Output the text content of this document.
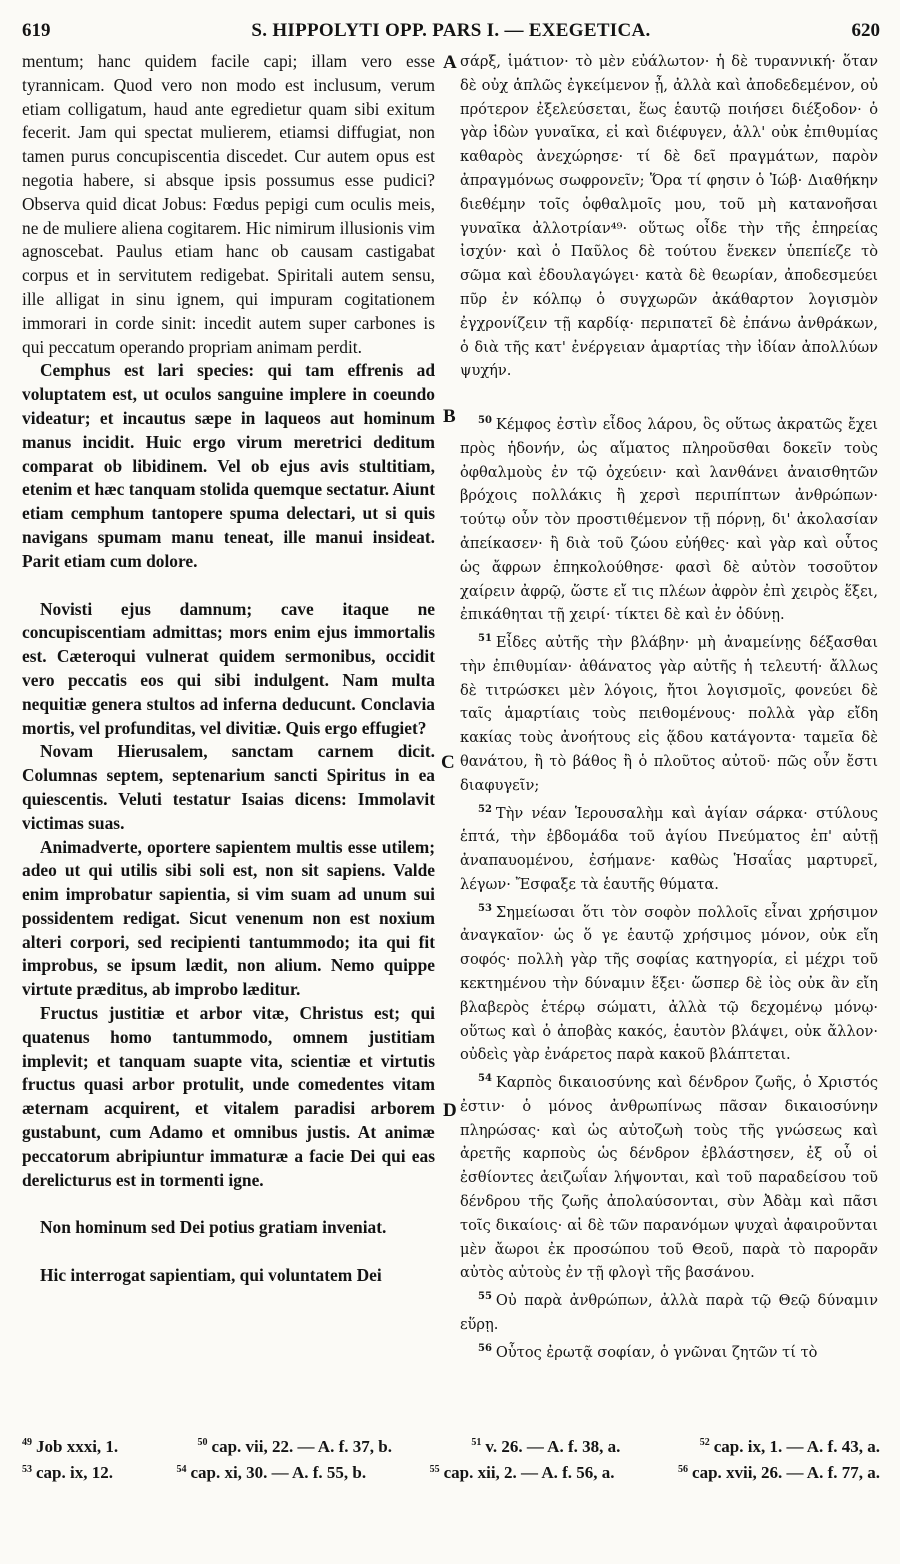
619	S. HIPPOLYTI OPP. PARS I. — EXEGETICA.	620
A
B
C
D

mentum; hanc quidem facile capi; illam vero esse tyrannicam. Quod vero non modo est inclusum, verum etiam colligatum, haud ante egredietur quam sibi exitum fecerit. Jam qui spectat mulierem, etiamsi diffugiat, non tamen purus concupiscentia discedet. Cur autem opus est negotia habere, si absque ipsis possumus esse pudici? Observa quid dicat Jobus: Fœdus pepigi cum oculis meis, ne de muliere aliena cogitarem. Hic nimirum illusionis vim agnoscebat. Paulus etiam hanc ob causam castigabat corpus et in servitutem redigebat. Spiritali autem sensu, ille alligat in sinu ignem, qui impuram cogitationem immorari in corde sinit: incedit autem super carbones is qui peccatum operando propriam animam perdit.

Cemphus est lari species: qui tam effrenis ad voluptatem est, ut oculos sanguine implere in coeundo videatur; et incautus sæpe in laqueos aut hominum manus incidit. Huic ergo virum meretrici deditum comparat ob libidinem. Vel ob ejus avis stultitiam, etenim et hæc tanquam stolida quemque sectatur. Aiunt etiam cemphum tantopere spuma delectari, ut si quis navigans spumam manu teneat, ille manui insideat. Parit etiam cum dolore.

Novisti ejus damnum; cave itaque ne concupiscentiam admittas; mors enim ejus immortalis est. Cæteroqui vulnerat quidem sermonibus, occidit vero peccatis eos qui sibi indulgent. Nam multa nequitiæ genera stultos ad inferna deducunt. Conclavia mortis, vel profunditas, vel divitiæ. Quis ergo effugiet?

Novam Hierusalem, sanctam carnem dicit. Columnas septem, septenarium sancti Spiritus in ea quiescentis. Veluti testatur Isaias dicens: Immolavit victimas suas.

Animadverte, oportere sapientem multis esse utilem; adeo ut qui utilis sibi soli est, non sit sapiens. Valde enim improbatur sapientia, si vim suam ad unum sui possidentem redigat. Sicut venenum non est noxium alteri corpori, sed recipienti tantummodo; ita qui fit improbus, se ipsum lædit, non alium. Nemo quippe virtute præditus, ab improbo læditur.

Fructus justitiæ et arbor vitæ, Christus est; qui quatenus homo tantummodo, omnem justitiam implevit; et tanquam suapte vita, scientiæ et virtutis fructus quasi arbor protulit, unde comedentes vitam æternam acquirent, et vitalem paradisi arborem gustabunt, cum Adamo et omnibus justis. At animæ peccatorum abripiuntur immaturæ a facie Dei qui eas derelicturus est in tormenti igne.

Non hominum sed Dei potius gratiam inveniat.

Hic interrogat sapientiam, qui voluntatem Dei

σάρξ, ἱμάτιον· τὸ μὲν εὐάλωτον· ἡ δὲ τυραννική· ὅταν δὲ οὐχ ἁπλῶς ἐγκείμενον ᾖ, ἀλλὰ καὶ ἀποδεδεμένον, οὐ πρότερον ἐξελεύσεται, ἕως ἑαυτῷ ποιήσει διέξοδον· ὁ γὰρ ἰδὼν γυναῖκα, εἰ καὶ διέφυγεν, ἀλλ' οὐκ ἐπιθυμίας καθαρὸς ἀνεχώρησε· τί δὲ δεῖ πραγμάτων, παρὸν ἀπραγμόνως σωφρονεῖν; Ὅρα τί φησιν ὁ Ἰώβ· Διαθήκην διεθέμην τοῖς ὀφθαλμοῖς μου, τοῦ μὴ κατανοῆσαι γυναῖκα ἀλλοτρίαν⁴⁹· οὕτως οἶδε τὴν τῆς ἐπηρείας ἰσχύν· καὶ ὁ Παῦλος δὲ τούτου ἕνεκεν ὑπεπίεζε τὸ σῶμα καὶ ἐδουλαγώγει· κατὰ δὲ θεωρίαν, ἀποδεσμεύει πῦρ ἐν κόλπῳ ὁ συγχωρῶν ἀκάθαρτον λογισμὸν ἐγχρονίζειν τῇ καρδίᾳ· περιπατεῖ δὲ ἐπάνω ἀνθράκων, ὁ διὰ τῆς κατ' ἐνέργειαν ἁμαρτίας τὴν ἰδίαν ἀπολλύων ψυχήν.

$^{50}$ Κέμφος ἐστὶν εἶδος λάρου, ὃς οὕτως ἀκρατῶς ἔχει πρὸς ἡδονήν, ὡς αἵματος πληροῦσθαι δοκεῖν τοὺς ὀφθαλμοὺς ἐν τῷ ὀχεύειν· καὶ λανθάνει ἀναισθητῶν βρόχοις πολλάκις ἢ χερσὶ περιπίπτων ἀνθρώπων· τούτῳ οὖν τὸν προστιθέμενον τῇ πόρνῃ, δι' ἀκολασίαν ἀπείκασεν· ἢ διὰ τοῦ ζώου εὐήθες· καὶ γὰρ καὶ οὗτος ὡς ἄφρων ἐπηκολούθησε· φασὶ δὲ αὐτὸν τοσοῦτον χαίρειν ἀφρῷ, ὥστε εἴ τις πλέων ἀφρὸν ἐπὶ χειρὸς ἕξει, ἐπικάθηται τῇ χειρί· τίκτει δὲ καὶ ἐν ὀδύνῃ.

$^{51}$ Εἶδες αὐτῆς τὴν βλάβην· μὴ ἀναμείνῃς δέξασθαι τὴν ἐπιθυμίαν· ἀθάνατος γὰρ αὐτῆς ἡ τελευτή· ἄλλως δὲ τιτρώσκει μὲν λόγοις, ἤτοι λογισμοῖς, φονεύει δὲ ταῖς ἁμαρτίαις τοὺς πειθομένους· πολλὰ γὰρ εἴδη κακίας τοὺς ἀνοήτους εἰς ᾅδου κατάγοντα· ταμεῖα δὲ θανάτου, ἢ τὸ βάθος ἢ ὁ πλοῦτος αὐτοῦ· πῶς οὖν ἔστι διαφυγεῖν;

$^{52}$ Τὴν νέαν Ἱερουσαλὴμ καὶ ἁγίαν σάρκα· στύλους ἑπτά, τὴν ἑβδομάδα τοῦ ἁγίου Πνεύματος ἐπ' αὐτῇ ἀναπαυομένου, ἐσήμανε· καθὼς Ἡσαΐας μαρτυρεῖ, λέγων· Ἔσφαξε τὰ ἑαυτῆς θύματα.

$^{53}$ Σημείωσαι ὅτι τὸν σοφὸν πολλοῖς εἶναι χρήσιμον ἀναγκαῖον· ὡς ὅ γε ἑαυτῷ χρήσιμος μόνον, οὐκ εἴη σοφός· πολλὴ γὰρ τῆς σοφίας κατηγορία, εἰ μέχρι τοῦ κεκτημένου τὴν δύναμιν ἕξει· ὥσπερ δὲ ἰὸς οὐκ ἂν εἴη βλαβερὸς ἑτέρῳ σώματι, ἀλλὰ τῷ δεχομένῳ μόνῳ· οὕτως καὶ ὁ ἀποβὰς κακός, ἑαυτὸν βλάψει, οὐκ ἄλλον· οὐδεὶς γὰρ ἐνάρετος παρὰ κακοῦ βλάπτεται.

$^{54}$ Καρπὸς δικαιοσύνης καὶ δένδρον ζωῆς, ὁ Χριστός ἐστιν· ὁ μόνος ἀνθρωπίνως πᾶσαν δικαιοσύνην πληρώσας· καὶ ὡς αὐτοζωὴ τοὺς τῆς γνώσεως καὶ ἀρετῆς καρποὺς ὡς δένδρον ἐβλάστησεν, ἐξ οὗ οἱ ἐσθίοντες ἀειζωΐαν λήψονται, καὶ τοῦ παραδείσου τοῦ δένδρου τῆς ζωῆς ἀπολαύσονται, σὺν Ἀδὰμ καὶ πᾶσι τοῖς δικαίοις· αἱ δὲ τῶν παρανόμων ψυχαὶ ἀφαιροῦνται μὲν ἄωροι ἐκ προσώπου τοῦ Θεοῦ, παρὰ τὸ παρορᾶν αὐτὸς αὐτοὺς ἐν τῇ φλογὶ τῆς βασάνου.

$^{55}$ Οὐ παρὰ ἀνθρώπων, ἀλλὰ παρὰ τῷ Θεῷ δύναμιν εὕρῃ.

$^{56}$ Οὗτος ἐρωτᾷ σοφίαν, ὁ γνῶναι ζητῶν τί τὸ

$^{49}$ Job xxxi, 1.	$^{50}$ cap. vii, 22. — A. f. 37, b.	$^{51}$ v. 26. — A. f. 38, a.	$^{52}$ cap. ix, 1. — A. f. 43, a.
$^{53}$ cap. ix, 12.	$^{54}$ cap. xi, 30. — A. f. 55, b.	$^{55}$ cap. xii, 2. — A. f. 56, a.	$^{56}$ cap. xvii, 26. — A. f. 77, a.
